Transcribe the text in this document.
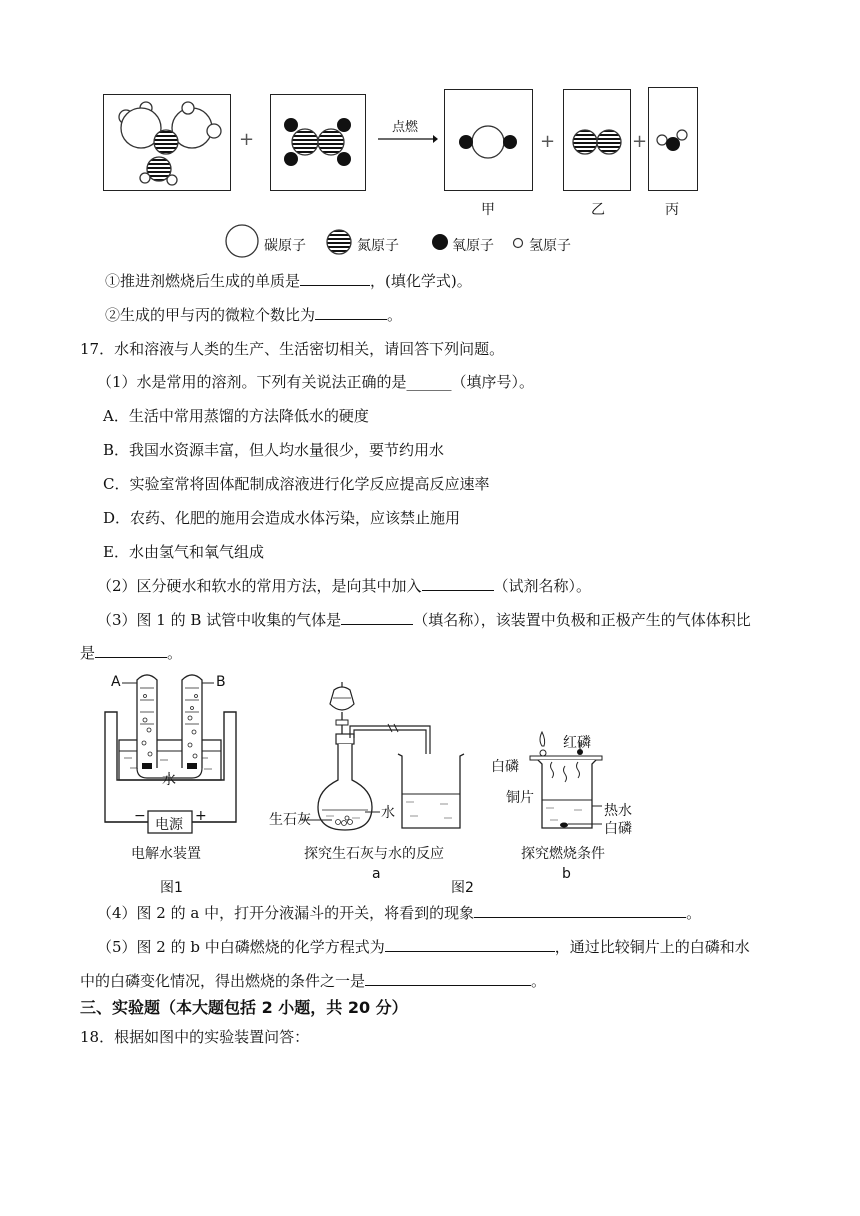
+
点燃
+	+
甲	乙	丙
碳原子	氮原子	氧原子	氢原子
①推进剂燃烧后生成的单质是	，(填化学式)。
②生成的甲与丙的微粒个数比为	。
17．水和溶液与人类的生产、生活密切相关，请回答下列问题。
（1）水是常用的溶剂。下列有关说法正确的是______（填序号）。
A．生活中常用蒸馏的方法降低水的硬度
B．我国水资源丰富，但人均水量很少，要节约用水
C．实验室常将固体配制成溶液进行化学反应提高反应速率
D．农药、化肥的施用会造成水体污染，应该禁止施用
E．水由氢气和氧气组成
（2）区分硬水和软水的常用方法，是向其中加入	（试剂名称）。
（3）图 1 的 B 试管中收集的气体是	（填名称），该装置中负极和正极产生的气体体积比
是	。
A	B
水
电源
−	+
电解水装置
图1
生石灰	水
探究生石灰与水的反应
a
红磷
白磷
铜片
热水
白磷
探究燃烧条件
b
图2
（4）图 2 的 a 中，打开分液漏斗的开关，将看到的现象	。
（5）图 2 的 b 中白磷燃烧的化学方程式为	，通过比较铜片上的白磷和水
中的白磷变化情况，得出燃烧的条件之一是	。
三、实验题（本大题包括 2 小题，共 20 分）
18．根据如图中的实验装置问答：
